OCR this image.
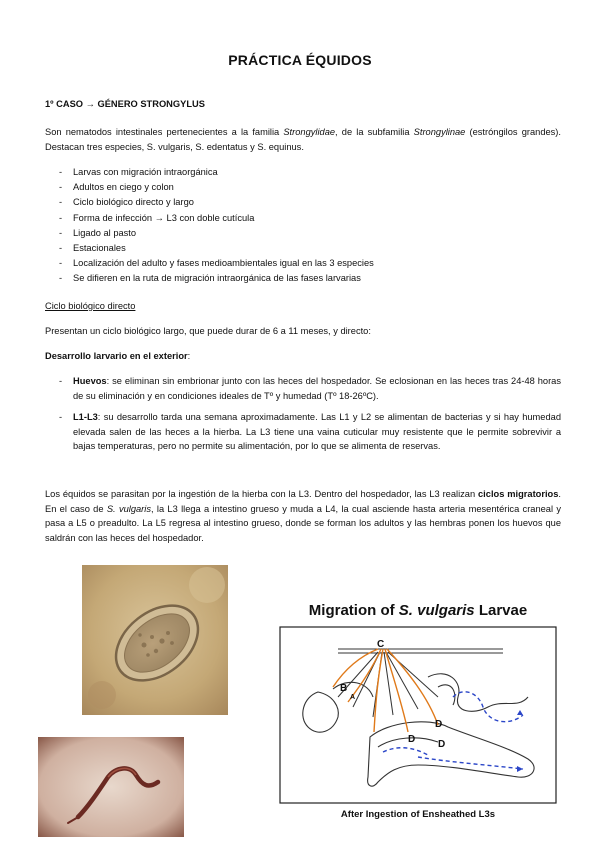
PRÁCTICA ÉQUIDOS
1º CASO → GÉNERO STRONGYLUS
Son nematodos intestinales pertenecientes a la familia Strongylidae, de la subfamilia Strongylinae (estróngilos grandes). Destacan tres especies, S. vulgaris, S. edentatus y S. equinus.
- Larvas con migración intraorgánica
- Adultos en ciego y colon
- Ciclo biológico directo y largo
- Forma de infección → L3 con doble cutícula
- Ligado al pasto
- Estacionales
- Localización del adulto y fases medioambientales igual en las 3 especies
- Se difieren en la ruta de migración intraorgánica de las fases larvarias
Ciclo biológico directo
Presentan un ciclo biológico largo, que puede durar de 6 a 11 meses, y directo:
Desarrollo larvario en el exterior:
- Huevos: se eliminan sin embrionar junto con las heces del hospedador. Se eclosionan en las heces tras 24-48 horas de su eliminación y en condiciones ideales de Tº y humedad (Tº 18-26ºC).
- L1-L3: su desarrollo tarda una semana aproximadamente. Las L1 y L2 se alimentan de bacterias y si hay humedad elevada salen de las heces a la hierba. La L3 tiene una vaina cuticular muy resistente que le permite sobrevivir a bajas temperaturas, pero no permite su alimentación, por lo que se alimenta de reservas.
Los équidos se parasitan por la ingestión de la hierba con la L3. Dentro del hospedador, las L3 realizan ciclos migratorios. En el caso de S. vulgaris, la L3 llega a intestino grueso y muda a L4, la cual asciende hasta arteria mesentérica craneal y pasa a L5 o preadulto. La L5 regresa al intestino grueso, donde se forman los adultos y las hembras ponen los huevos que saldrán con las heces del hospedador.
Migration of S. vulgaris Larvae
C
B
A
D
D D
After Ingestion of Ensheathed L3s
